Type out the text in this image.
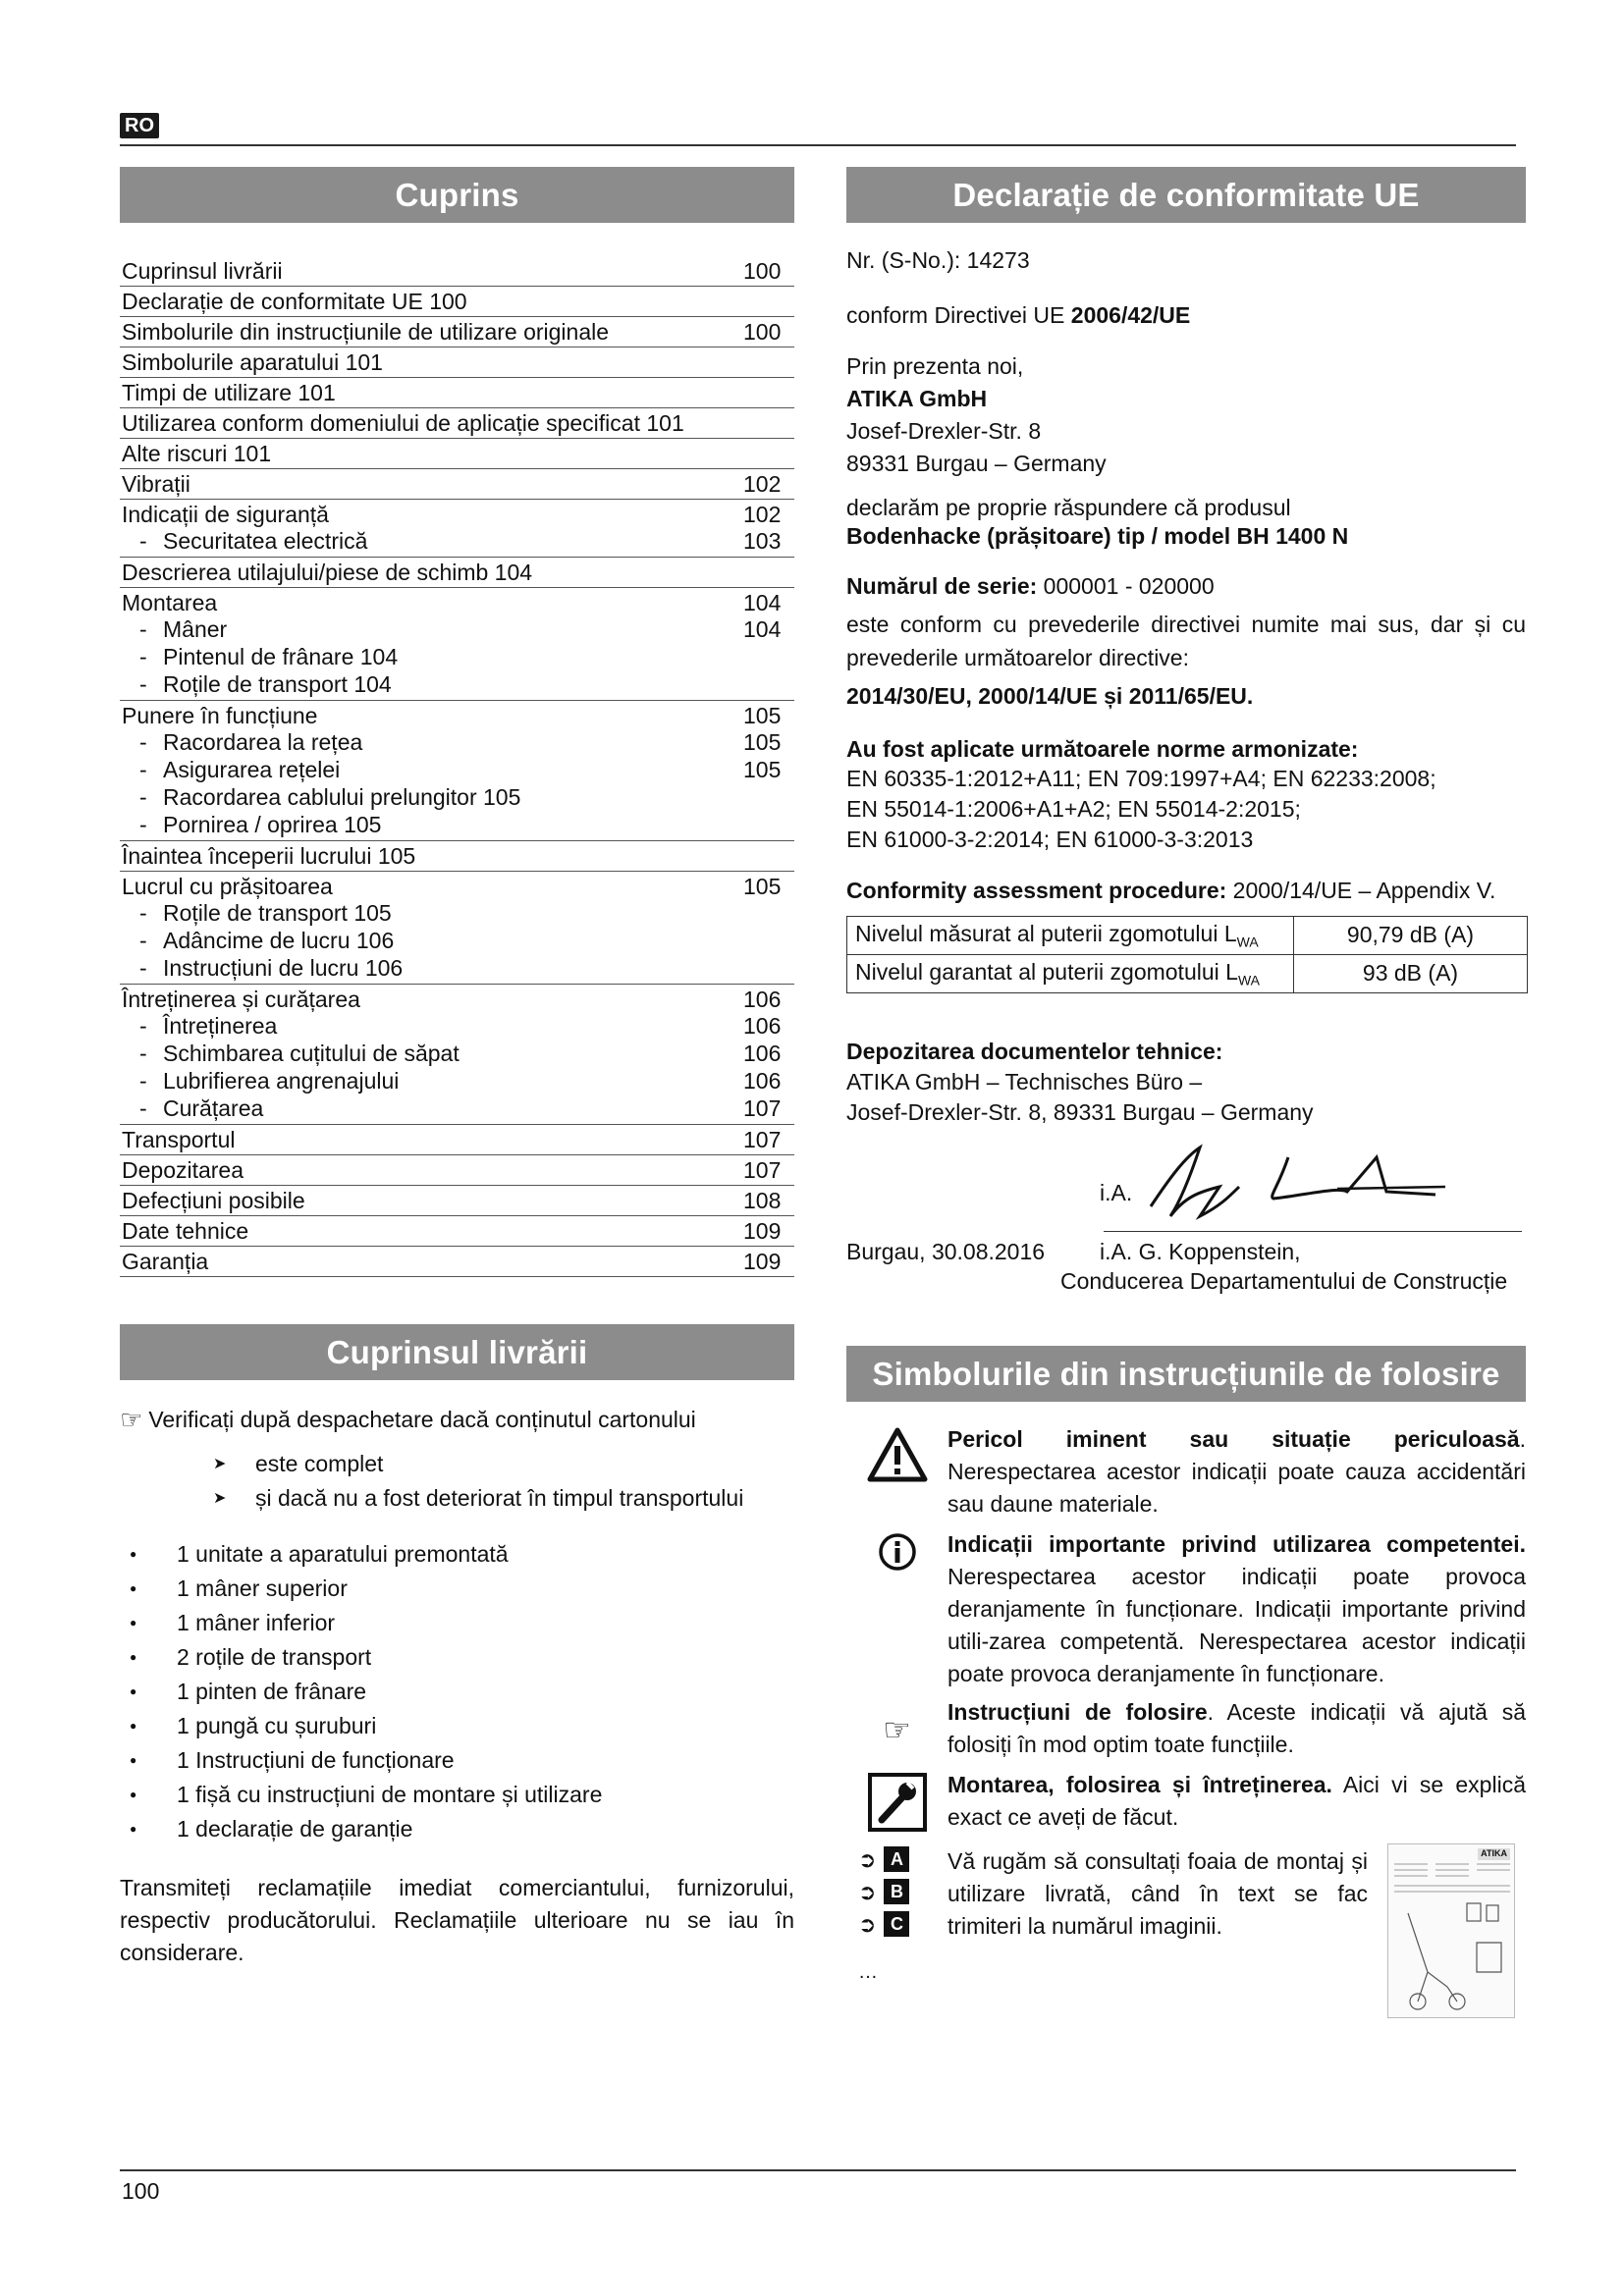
RO
Cuprins
Cuprinsul livrării	100
Declarație de conformitate UE 100
Simbolurile din instrucțiunile de utilizare originale	100
Simbolurile aparatului 101
Timpi de utilizare 101
Utilizarea conform domeniului de aplicație specificat 101
Alte riscuri 101
Vibrații	102
Indicații de siguranță	102
- Securitatea electrică	103
Descrierea utilajului/piese de schimb 104
Montarea	104
- Mâner	104
- Pintenul de frânare 104
- Roțile de transport 104
Punere în funcțiune	105
- Racordarea la rețea	105
- Asigurarea rețelei	105
- Racordarea cablului prelungitor 105
- Pornirea / oprirea 105
Înaintea începerii lucrului 105
Lucrul cu prășitoarea	105
- Roțile de transport 105
- Adâncime de lucru 106
- Instrucțiuni de lucru 106
Întreținerea și curățarea	106
- Întreținerea	106
- Schimbarea cuțitului de săpat	106
- Lubrifierea angrenajului	106
- Curățarea	107
Transportul	107
Depozitarea	107
Defecțiuni posibile	108
Date tehnice	109
Garanția	109
Cuprinsul livrării
☞ Verificați după despachetare dacă conținutul cartonului
➤	este complet
➤	și dacă nu a fost deteriorat în timpul transportului
●	1 unitate a aparatului premontată
●	1 mâner superior
●	1 mâner inferior
●	2 roțile de transport
●	1 pinten de frânare
●	1 pungă cu șuruburi
●	1 Instrucțiuni de funcționare
●	1 fișă cu instrucțiuni de montare și utilizare
●	1 declarație de garanție
Transmiteți reclamațiile imediat comerciantului, furnizorului, respectiv producătorului. Reclamațiile ulterioare nu se iau în considerare.
Declarație de conformitate UE
Nr. (S-No.): 14273
conform Directivei UE 2006/42/UE
Prin prezenta noi,
ATIKA GmbH
Josef-Drexler-Str. 8
89331 Burgau – Germany
declarăm pe proprie răspundere că produsul
Bodenhacke (prășitoare) tip / model BH 1400 N
Numărul de serie: 000001 - 020000
este conform cu prevederile directivei numite mai sus, dar și cu prevederile următoarelor directive:
2014/30/EU, 2000/14/UE și 2011/65/EU.
Au fost aplicate următoarele norme armonizate:
EN 60335-1:2012+A11; EN 709:1997+A4; EN 62233:2008;
EN 55014-1:2006+A1+A2; EN 55014-2:2015;
EN 61000-3-2:2014; EN 61000-3-3:2013
Conformity assessment procedure: 2000/14/UE – Appendix V.
Nivelul măsurat al puterii zgomotului $L_{WA}$	90,79 dB (A)
Nivelul garantat al puterii zgomotului $L_{WA}$	93 dB (A)
Depozitarea documentelor tehnice:
ATIKA GmbH – Technisches Büro –
Josef-Drexler-Str. 8, 89331 Burgau – Germany
i.A.
Burgau, 30.08.2016 i.A. G. Koppenstein,
Conducerea Departamentului de Construcție
Simbolurile din instrucțiunile de folosire
Pericol iminent sau situație periculoasă. Nerespectarea acestor indicații poate cauza accidentări sau daune materiale.
Indicații importante privind utilizarea competentei. Nerespectarea acestor indicații poate provoca deranjamente în funcționare. Indicații importante privind utili-zarea competentă. Nerespectarea acestor indicații poate provoca deranjamente în funcționare.
☞	Instrucțiuni de folosire. Aceste indicații vă ajută să folosiți în mod optim toate funcțiile.
Montarea, folosirea și întreținerea. Aici vi se explică exact ce aveți de făcut.
➲ A
➲ B
➲ C
Vă rugăm să consultați foaia de montaj și utilizare livrată, când în text se fac trimiteri la numărul imaginii.
ATIKA
…
100
